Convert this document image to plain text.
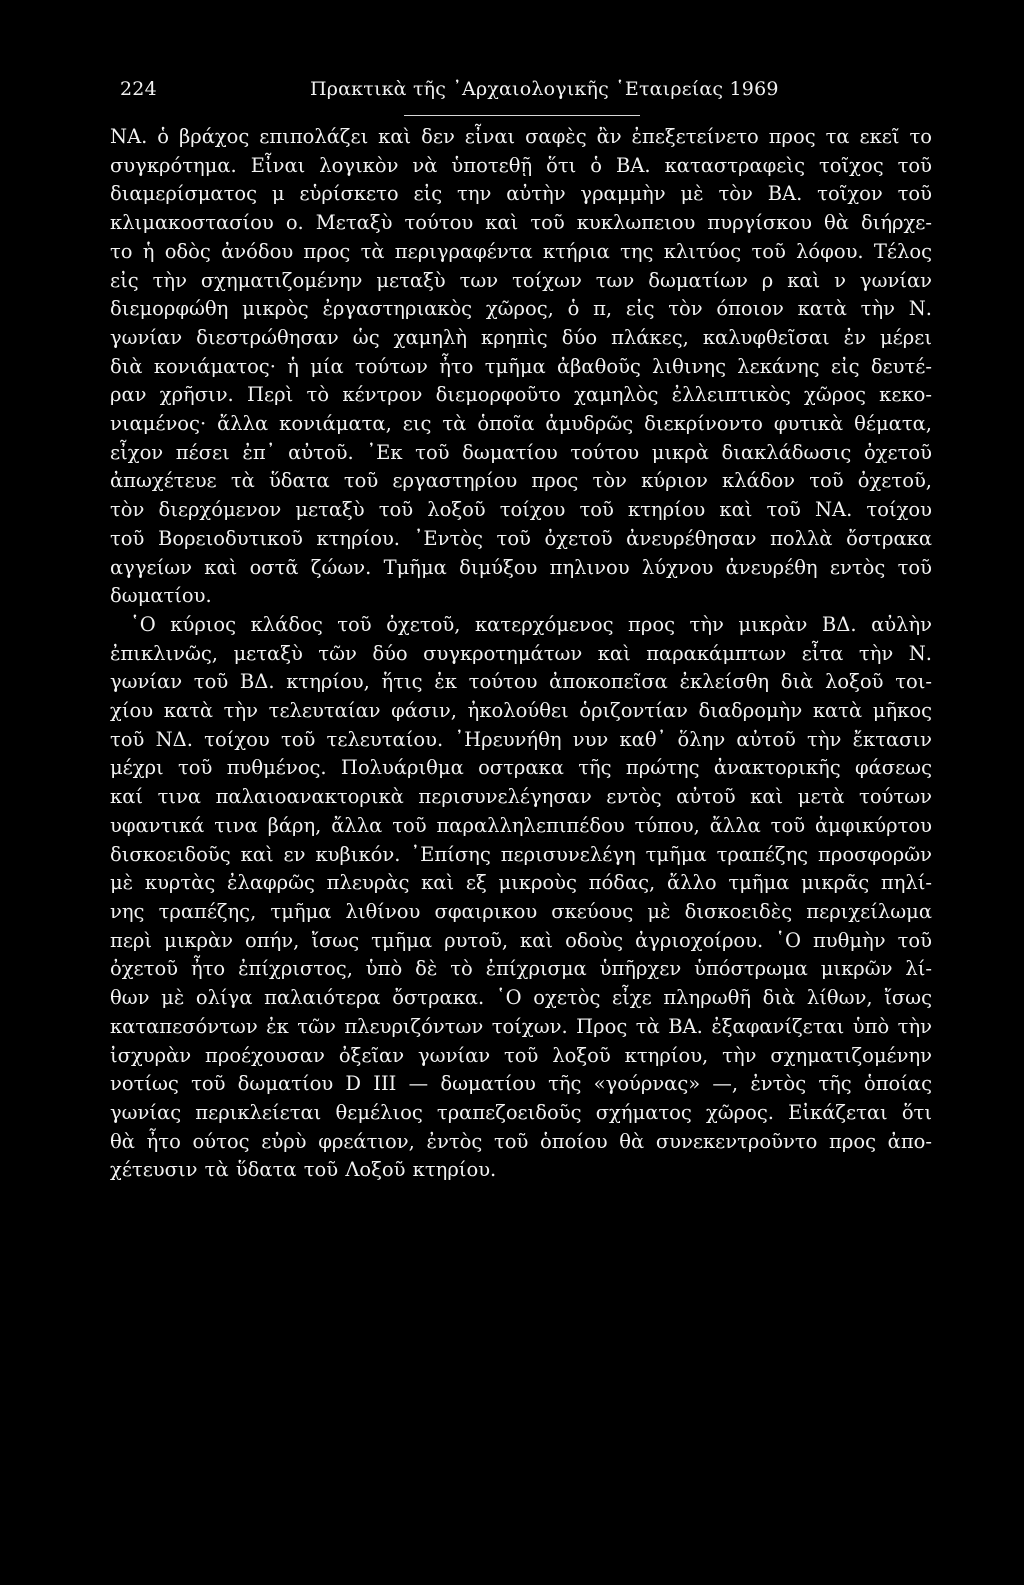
224	Πρακτικὰ τῆς ᾿Αρχαιολογικῆς ῾Εταιρείας 1969
ΝΑ. ὁ βράχος επιπολάζει καὶ δεν εἶναι σαφὲς ἂν ἐπεξετείνετο προς τα εκεῖ το
συγκρότημα. Εἶναι λογικὸν νὰ ὑποτεθῇ ὅτι ὁ ΒΑ. καταστραφεὶς τοῖχος τοῦ
διαμερίσματος μ εὑρίσκετο εἰς την αὐτὴν γραμμὴν μὲ τὸν ΒΑ. τοῖχον τοῦ
κλιμακοστασίου ο. Μεταξὺ τούτου καὶ τοῦ κυκλωπειου πυργίσκου θὰ διήρχε-
το ἡ οδὸς ἀνόδου προς τὰ περιγραφέντα κτήρια της κλιτύος τοῦ λόφου. Τέλος
εἰς τὴν σχηματιζομένην μεταξὺ των τοίχων των δωματίων ρ καὶ ν γωνίαν
διεμορφώθη μικρὸς ἐργαστηριακὸς χῶρος, ὁ π, εἰς τὸν όποιον κατὰ τὴν Ν.
γωνίαν διεστρώθησαν ὡς χαμηλὴ κρηπὶς δύο πλάκες, καλυφθεῖσαι ἐν μέρει
διὰ κονιάματος· ἡ μία τούτων ἦτο τμῆμα ἀβαθοῦς λιθινης λεκάνης εἰς δευτέ-
ραν χρῆσιν. Περὶ τὸ κέντρον διεμορφοῦτο χαμηλὸς ἐλλειπτικὸς χῶρος κεκο-
νιαμένος· ἄλλα κονιάματα, εις τὰ ὁποῖα ἀμυδρῶς διεκρίνοντο φυτικὰ θέματα,
εἶχον πέσει ἐπ᾿ αὐτοῦ. ᾿Εκ τοῦ δωματίου τούτου μικρὰ διακλάδωσις ὀχετοῦ
ἀπωχέτευε τὰ ὕδατα τοῦ εργαστηρίου προς τὸν κύριον κλάδον τοῦ ὀχετοῦ,
τὸν διερχόμενον μεταξὺ τοῦ λοξοῦ τοίχου τοῦ κτηρίου καὶ τοῦ ΝΑ. τοίχου
τοῦ Βορειοδυτικοῦ κτηρίου. ᾿Εντὸς τοῦ ὀχετοῦ ἀνευρέθησαν πολλὰ ὄστρακα
αγγείων καὶ οστᾶ ζώων. Τμῆμα διμύξου πηλινου λύχνου ἀνευρέθη εντὸς τοῦ
δωματίου.
῾Ο κύριος κλάδος τοῦ ὀχετοῦ, κατερχόμενος προς τὴν μικρὰν ΒΔ. αὐλὴν
ἐπικλινῶς, μεταξὺ τῶν δύο συγκροτημάτων καὶ παρακάμπτων εἶτα τὴν Ν.
γωνίαν τοῦ ΒΔ. κτηρίου, ἥτις ἐκ τούτου ἀποκοπεῖσα ἐκλείσθη διὰ λοξοῦ τοι-
χίου κατὰ τὴν τελευταίαν φάσιν, ἠκολούθει ὁριζοντίαν διαδρομὴν κατὰ μῆκος
τοῦ ΝΔ. τοίχου τοῦ τελευταίου. ᾿Ηρευνήθη νυν καθ᾿ ὅλην αὐτοῦ τὴν ἔκτασιν
μέχρι τοῦ πυθμένος. Πολυάριθμα οστρακα τῆς πρώτης ἀνακτορικῆς φάσεως
καί τινα παλαιοανακτορικὰ περισυνελέγησαν εντὸς αὐτοῦ καὶ μετὰ τούτων
υφαντικά τινα βάρη, ἄλλα τοῦ παραλληλεπιπέδου τύπου, ἄλλα τοῦ ἀμφικύρτου
δισκοειδοῦς καὶ εν κυβικόν. ᾿Επίσης περισυνελέγη τμῆμα τραπέζης προσφορῶν
μὲ κυρτὰς ἐλαφρῶς πλευρὰς καὶ εξ μικροὺς πόδας, ἄλλο τμῆμα μικρᾶς πηλί-
νης τραπέζης, τμῆμα λιθίνου σφαιρικου σκεύους μὲ δισκοειδὲς περιχείλωμα
περὶ μικρὰν οπήν, ἴσως τμῆμα ρυτοῦ, καὶ οδοὺς ἀγριοχοίρου. ῾Ο πυθμὴν τοῦ
ὀχετοῦ ἦτο ἐπίχριστος, ὑπὸ δὲ τὸ ἐπίχρισμα ὑπῆρχεν ὑπόστρωμα μικρῶν λί-
θων μὲ ολίγα παλαιότερα ὄστρακα. ῾Ο οχετὸς εἶχε πληρωθῆ διὰ λίθων, ἴσως
καταπεσόντων ἐκ τῶν πλευριζόντων τοίχων. Προς τὰ ΒΑ. ἐξαφανίζεται ὑπὸ τὴν
ἰσχυρὰν προέχουσαν ὀξεῖαν γωνίαν τοῦ λοξοῦ κτηρίου, τὴν σχηματιζομένην
νοτίως τοῦ δωματίου D III — δωματίου τῆς «γούρνας» —, ἐντὸς τῆς ὁποίας
γωνίας περικλείεται θεμέλιος τραπεζοειδοῦς σχήματος χῶρος. Εἰκάζεται ὅτι
θὰ ἦτο ούτος εὐρὺ φρεάτιον, ἐντὸς τοῦ ὁποίου θὰ συνεκεντροῦντο προς ἀπο-
χέτευσιν τὰ ὕδατα τοῦ Λοξοῦ κτηρίου.
